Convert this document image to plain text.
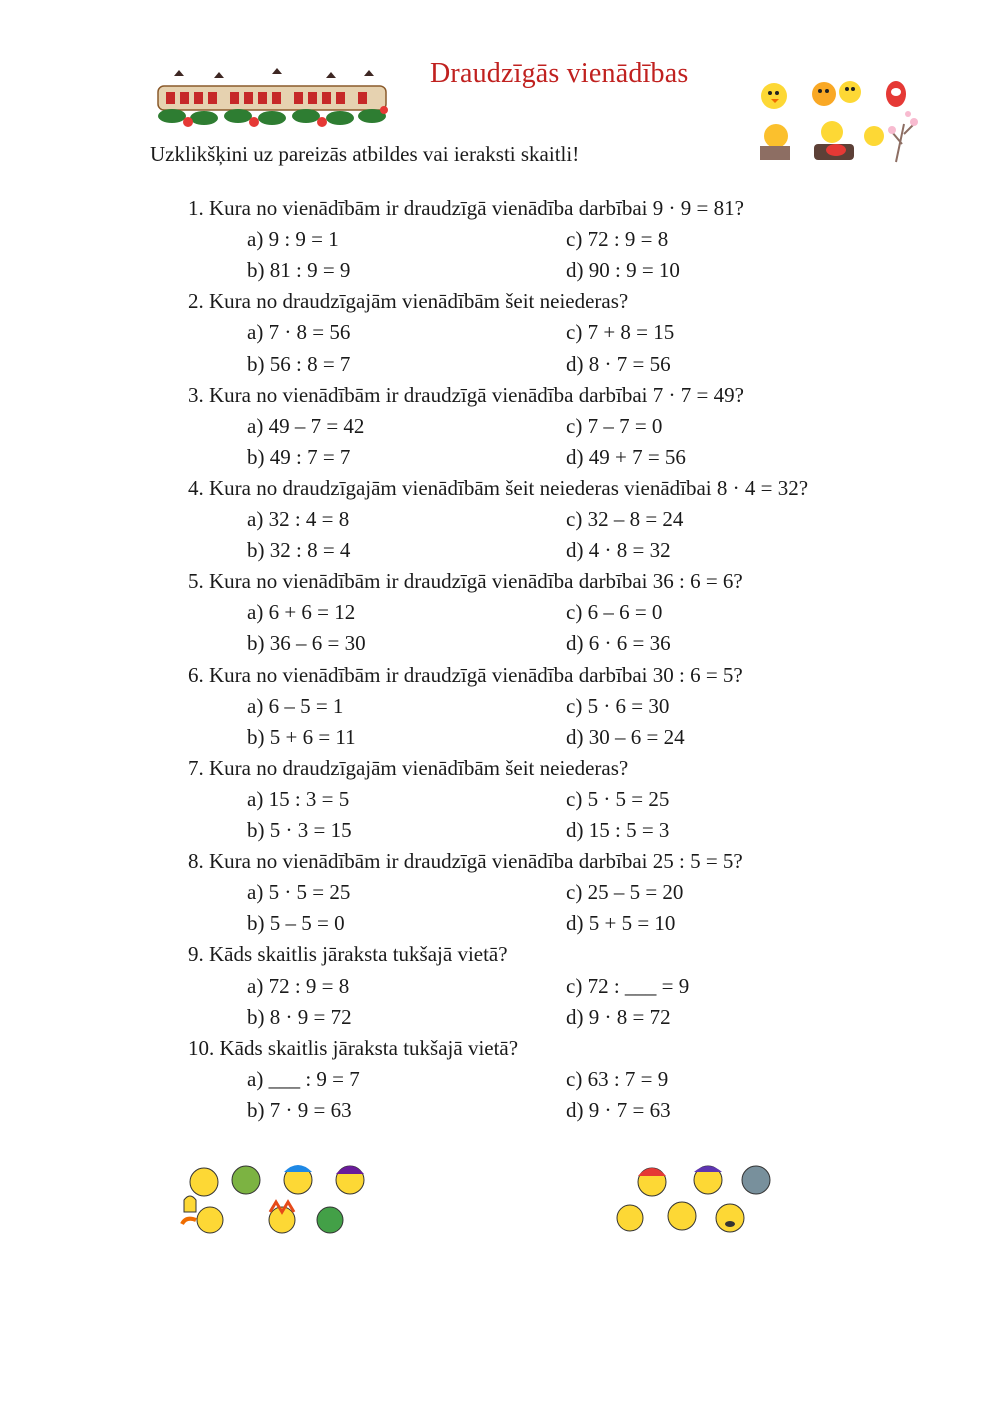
Draudzīgās vienādības
Uzklikšķini uz pareizās atbildes vai ieraksti skaitli!
1. Kura no vienādībām ir draudzīgā vienādība darbībai 9 · 9 = 81?
a) 9 : 9 = 1	c) 72 : 9 = 8
b) 81 : 9 = 9	d) 90 : 9 = 10
2. Kura no draudzīgajām vienādībām šeit neiederas?
a) 7 · 8 = 56	c) 7 + 8 = 15
b) 56 : 8 = 7	d) 8 · 7 = 56
3. Kura no vienādībām ir draudzīgā vienādība darbībai 7 · 7 = 49?
a) 49 – 7 = 42	c) 7 – 7 = 0
b) 49 : 7 = 7	d) 49 + 7 = 56
4. Kura no draudzīgajām vienādībām šeit neiederas vienādībai 8 · 4 = 32?
a) 32 : 4 = 8	c) 32 – 8 = 24
b) 32 : 8 = 4	d) 4 · 8 = 32
5. Kura no vienādībām ir draudzīgā vienādība darbībai 36 : 6 = 6?
a) 6 + 6 = 12	c) 6 – 6 = 0
b) 36 – 6 = 30	d) 6 · 6 = 36
6. Kura no vienādībām ir draudzīgā vienādība darbībai 30 : 6 = 5?
a) 6 – 5 = 1	c) 5 · 6 = 30
b) 5 + 6 = 11	d) 30 – 6 = 24
7. Kura no draudzīgajām vienādībām šeit neiederas?
a) 15 : 3 = 5	c) 5 · 5 = 25
b) 5 · 3 = 15	d) 15 : 5 = 3
8. Kura no vienādībām ir draudzīgā vienādība darbībai 25 : 5 = 5?
a) 5 · 5 = 25	c) 25 – 5 = 20
b) 5 – 5 = 0	d) 5 + 5 = 10
9. Kāds skaitlis jāraksta tukšajā vietā?
a) 72 : 9 = 8	c) 72 : ___ = 9
b) 8 · 9 = 72	d) 9 · 8 = 72
10. Kāds skaitlis jāraksta tukšajā vietā?
a) ___ : 9 = 7	c) 63 : 7 = 9
b) 7 · 9 = 63	d) 9 · 7 = 63
